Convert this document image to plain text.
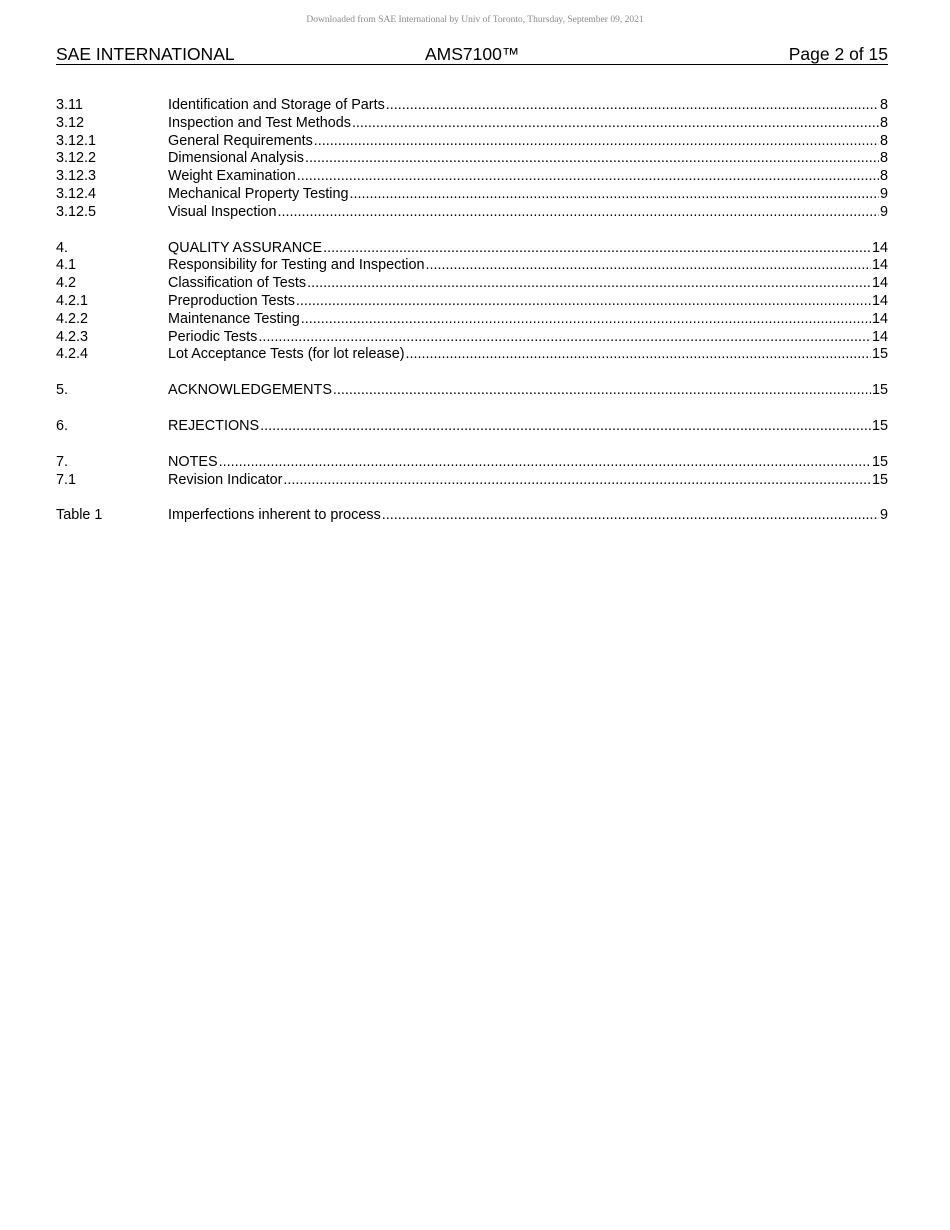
Downloaded from SAE International by Univ of Toronto, Thursday, September 09, 2021
SAE INTERNATIONAL	AMS7100™	Page 2 of 15
3.11	Identification and Storage of Parts .....	8
3.12	Inspection and Test Methods .....	8
3.12.1	General Requirements .....	8
3.12.2	Dimensional Analysis .....	8
3.12.3	Weight Examination .....	8
3.12.4	Mechanical Property Testing .....	9
3.12.5	Visual Inspection .....	9
4.	QUALITY ASSURANCE .....	14
4.1	Responsibility for Testing and Inspection .....	14
4.2	Classification of Tests .....	14
4.2.1	Preproduction Tests .....	14
4.2.2	Maintenance Testing .....	14
4.2.3	Periodic Tests .....	14
4.2.4	Lot Acceptance Tests (for lot release) .....	15
5.	ACKNOWLEDGEMENTS .....	15
6.	REJECTIONS .....	15
7.	NOTES .....	15
7.1	Revision Indicator .....	15
Table 1	Imperfections inherent to process .....	9
